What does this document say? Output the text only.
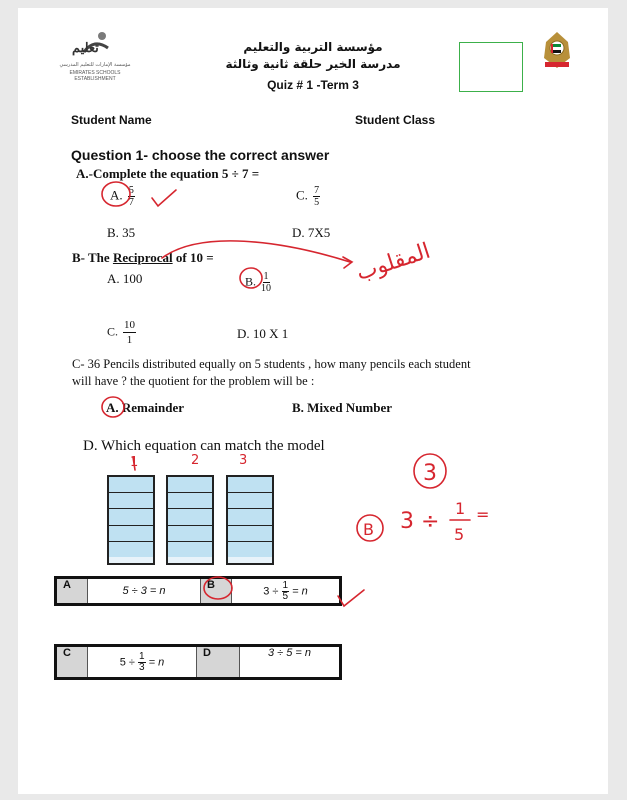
تعليم
مؤسسة الإمارات للتعليم المدرسي
EMIRATES SCHOOLS ESTABLISHMENT
مؤسسة التربية والتعليم
مدرسة الخير حلقة ثانية وثالثة
Quiz # 1 -Term 3
Student Name	Student Class
Question 1- choose the correct answer
A.-Complete the equation 5 ÷ 7 =
A. $\frac{5}{7}$	C. $\frac{7}{5}$
B. 35	D. 7X5
B- The Reciprocal of 10 =
A. 100	B. $\frac{1}{10}$
C. $\frac{10}{1}$	D. 10 X 1
C- 36 Pencils distributed equally on 5 students , how many pencils each student
will have ? the quotient for the problem will be :
A. Remainder	B. Mixed Number
D. Which equation can match the model
A	5 ÷ 3 = n	B	$3 \div \frac{1}{5} = n$
C	$5 \div \frac{1}{3} = n$	D	3 ÷ 5 = n
المقلوب
1	2	3
3
B 3 ÷
1
5
=
